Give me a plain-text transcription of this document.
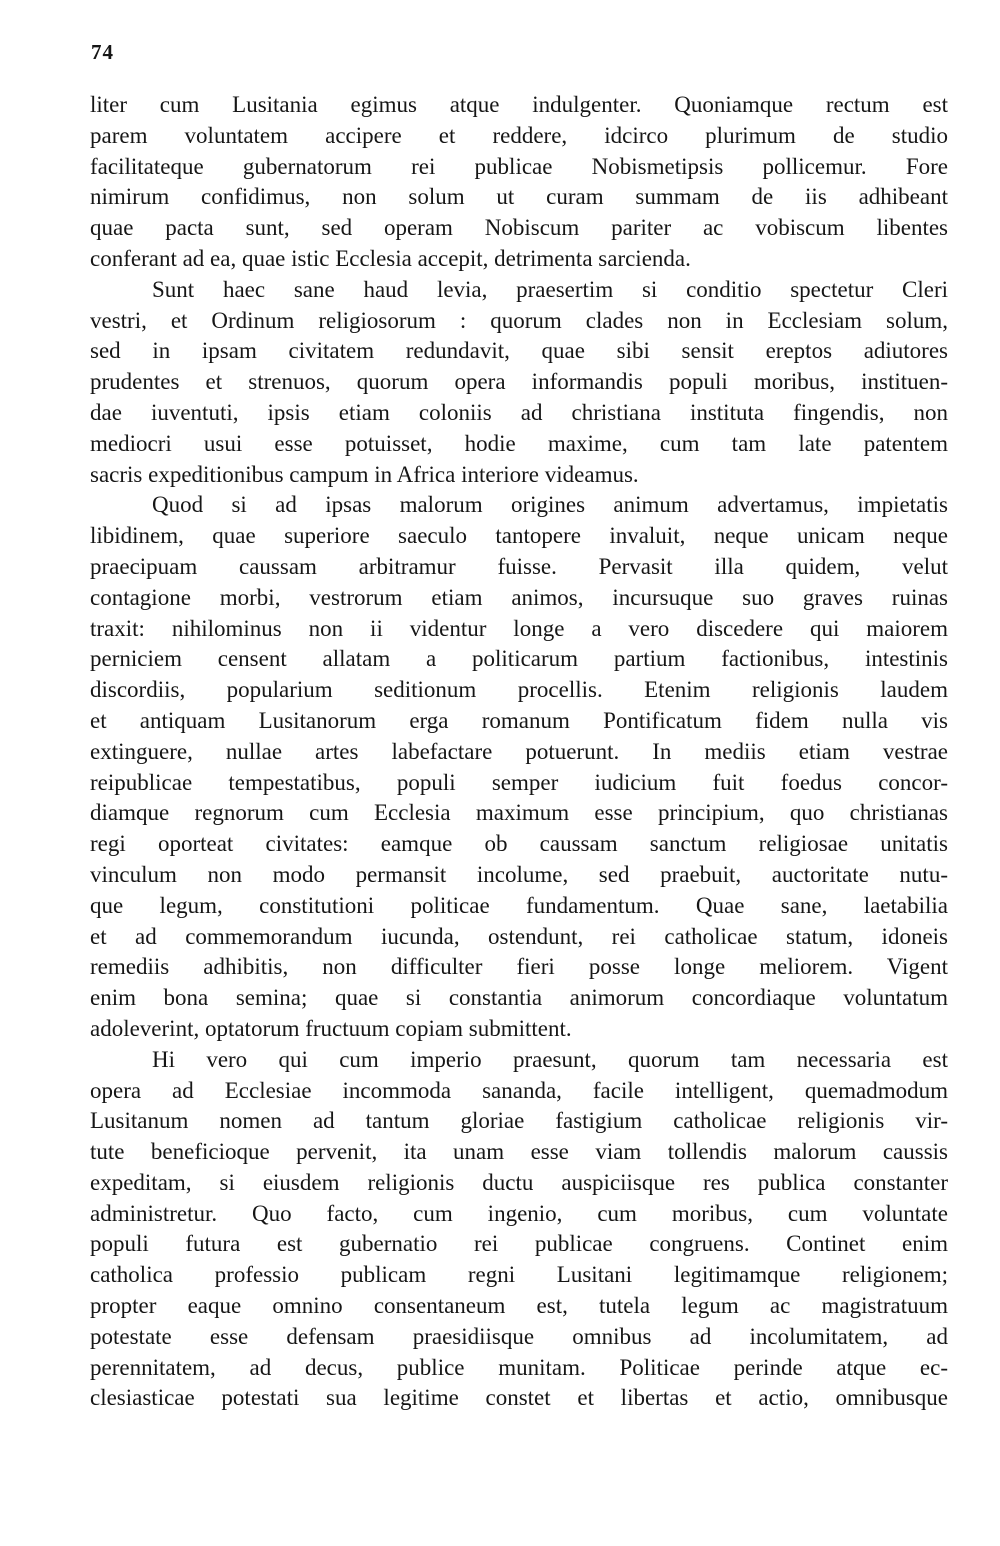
74
liter cum Lusitania egimus atque indulgenter. Quoniamque rectum est
parem voluntatem accipere et reddere, idcirco plurimum de studio
facilitateque gubernatorum rei publicae Nobismetipsis pollicemur. Fore
nimirum confidimus, non solum ut curam summam de iis adhibeant
quae pacta sunt, sed operam Nobiscum pariter ac vobiscum libentes
conferant ad ea, quae istic Ecclesia accepit, detrimenta sarcienda.
Sunt haec sane haud levia, praesertim si conditio spectetur Cleri
vestri, et Ordinum religiosorum : quorum clades non in Ecclesiam solum,
sed in ipsam civitatem redundavit, quae sibi sensit ereptos adiutores
prudentes et strenuos, quorum opera informandis populi moribus, instituen-
dae iuventuti, ipsis etiam coloniis ad christiana instituta fingendis, non
mediocri usui esse potuisset, hodie maxime, cum tam late patentem
sacris expeditionibus campum in Africa interiore videamus.
Quod si ad ipsas malorum origines animum advertamus, impietatis
libidinem, quae superiore saeculo tantopere invaluit, neque unicam neque
praecipuam caussam arbitramur fuisse. Pervasit illa quidem, velut
contagione morbi, vestrorum etiam animos, incursuque suo graves ruinas
traxit: nihilominus non ii videntur longe a vero discedere qui maiorem
perniciem censent allatam a politicarum partium factionibus, intestinis
discordiis, popularium seditionum procellis. Etenim religionis laudem
et antiquam Lusitanorum erga romanum Pontificatum fidem nulla vis
extinguere, nullae artes labefactare potuerunt. In mediis etiam vestrae
reipublicae tempestatibus, populi semper iudicium fuit foedus concor-
diamque regnorum cum Ecclesia maximum esse principium, quo christianas
regi oporteat civitates: eamque ob caussam sanctum religiosae unitatis
vinculum non modo permansit incolume, sed praebuit, auctoritate nutu-
que legum, constitutioni politicae fundamentum. Quae sane, laetabilia
et ad commemorandum iucunda, ostendunt, rei catholicae statum, idoneis
remediis adhibitis, non difficulter fieri posse longe meliorem. Vigent
enim bona semina; quae si constantia animorum concordiaque voluntatum
adoleverint, optatorum fructuum copiam submittent.
Hi vero qui cum imperio praesunt, quorum tam necessaria est
opera ad Ecclesiae incommoda sananda, facile intelligent, quemadmodum
Lusitanum nomen ad tantum gloriae fastigium catholicae religionis vir-
tute beneficioque pervenit, ita unam esse viam tollendis malorum caussis
expeditam, si eiusdem religionis ductu auspiciisque res publica constanter
administretur. Quo facto, cum ingenio, cum moribus, cum voluntate
populi futura est gubernatio rei publicae congruens. Continet enim
catholica professio publicam regni Lusitani legitimamque religionem;
propter eaque omnino consentaneum est, tutela legum ac magistratuum
potestate esse defensam praesidiisque omnibus ad incolumitatem, ad
perennitatem, ad decus, publice munitam. Politicae perinde atque ec-
clesiasticae potestati sua legitime constet et libertas et actio, omnibusque
